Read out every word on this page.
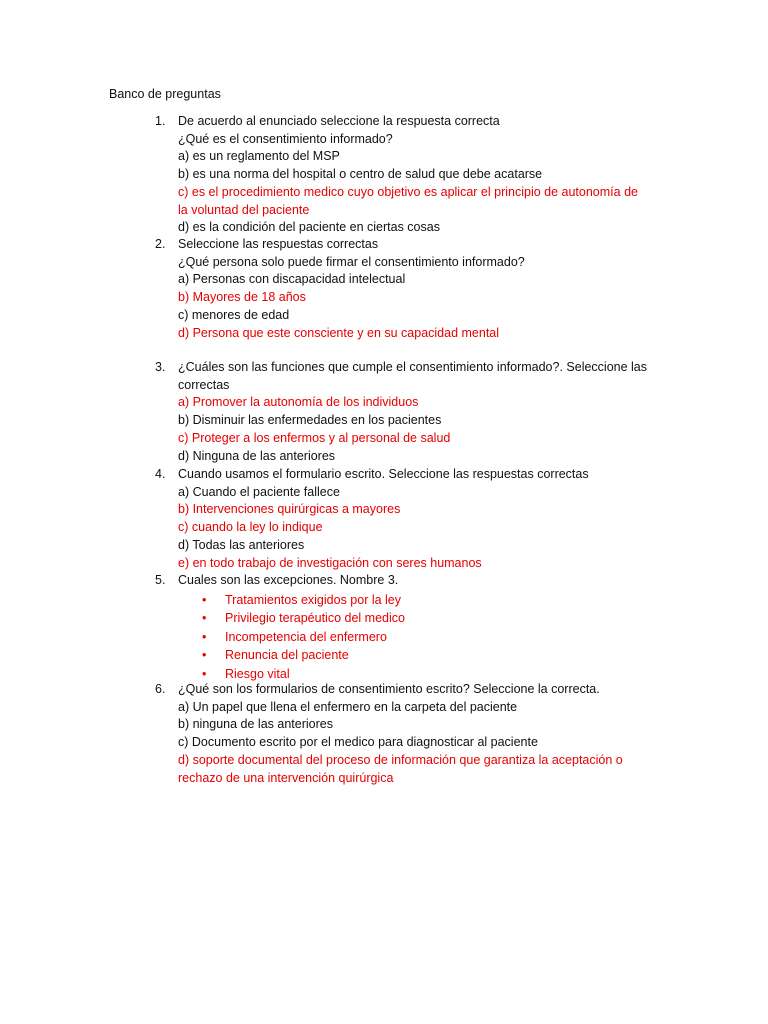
Banco de preguntas
1. De acuerdo al enunciado seleccione la respuesta correcta
¿Qué es el consentimiento informado?
a) es un reglamento del MSP
b) es una norma del hospital o centro de salud que debe acatarse
c) es el procedimiento medico cuyo objetivo es aplicar el principio de autonomía de la voluntad del paciente
d) es la condición del paciente en ciertas cosas
2. Seleccione las respuestas correctas
¿Qué persona solo puede firmar el consentimiento informado?
a) Personas con discapacidad intelectual
b) Mayores de 18 años
c) menores de edad
d) Persona que este consciente y en su capacidad mental
3. ¿Cuáles son las funciones que cumple el consentimiento informado?. Seleccione las correctas
a) Promover la autonomía de los individuos
b) Disminuir las enfermedades en los pacientes
c) Proteger a los enfermos y al personal de salud
d) Ninguna de las anteriores
4. Cuando usamos el formulario escrito. Seleccione las respuestas correctas
a) Cuando el paciente fallece
b) Intervenciones quirúrgicas a mayores
c) cuando la ley lo indique
d) Todas las anteriores
e) en todo trabajo de investigación con seres humanos
5. Cuales son las excepciones. Nombre 3.
• Tratamientos exigidos por la ley
• Privilegio terapéutico del medico
• Incompetencia del enfermero
• Renuncia del paciente
• Riesgo vital
6. ¿Qué son los formularios de consentimiento escrito? Seleccione la correcta.
a) Un papel que llena el enfermero en la carpeta del paciente
b) ninguna de las anteriores
c) Documento escrito por el medico para diagnosticar al paciente
d) soporte documental del proceso de información que garantiza la aceptación o rechazo de una intervención quirúrgica
